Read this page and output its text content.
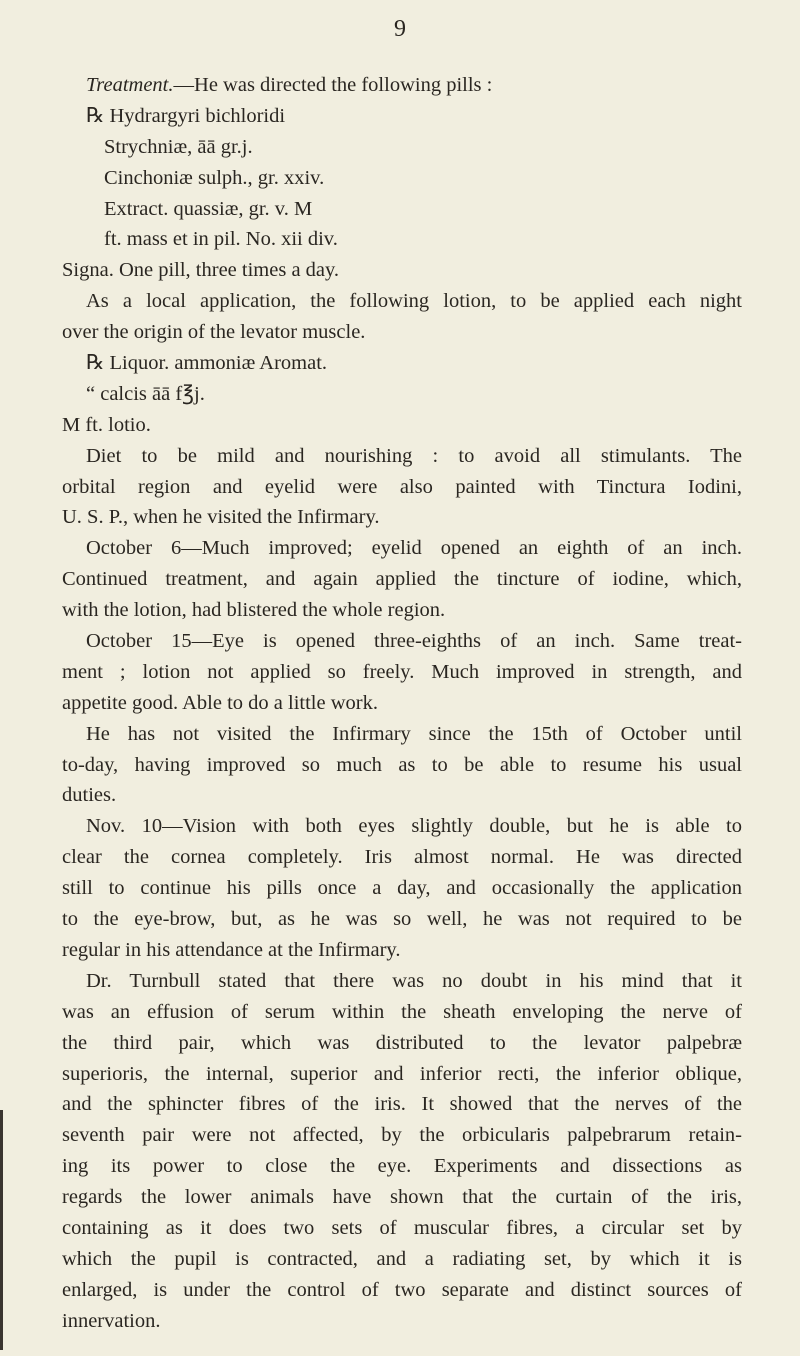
9
Treatment.—He was directed the following pills :
℞ Hydrargyri bichloridi
Strychniæ, āā gr.j.
Cinchoniæ sulph., gr. xxiv.
Extract. quassiæ, gr. v. M
ft. mass et in pil. No. xii div.
Signa. One pill, three times a day.
As a local application, the following lotion, to be applied each night
over the origin of the levator muscle.
℞ Liquor. ammoniæ Aromat.
“ calcis āā f℥j.
M ft. lotio.
Diet to be mild and nourishing : to avoid all stimulants. The
orbital region and eyelid were also painted with Tinctura Iodini,
U. S. P., when he visited the Infirmary.
October 6—Much improved; eyelid opened an eighth of an inch.
Continued treatment, and again applied the tincture of iodine, which,
with the lotion, had blistered the whole region.
October 15—Eye is opened three-eighths of an inch. Same treat-
ment ; lotion not applied so freely. Much improved in strength, and
appetite good. Able to do a little work.
He has not visited the Infirmary since the 15th of October until
to-day, having improved so much as to be able to resume his usual
duties.
Nov. 10—Vision with both eyes slightly double, but he is able to
clear the cornea completely. Iris almost normal. He was directed
still to continue his pills once a day, and occasionally the application
to the eye-brow, but, as he was so well, he was not required to be
regular in his attendance at the Infirmary.
Dr. Turnbull stated that there was no doubt in his mind that it
was an effusion of serum within the sheath enveloping the nerve of
the third pair, which was distributed to the levator palpebræ
superioris, the internal, superior and inferior recti, the inferior oblique,
and the sphincter fibres of the iris. It showed that the nerves of the
seventh pair were not affected, by the orbicularis palpebrarum retain-
ing its power to close the eye. Experiments and dissections as
regards the lower animals have shown that the curtain of the iris,
containing as it does two sets of muscular fibres, a circular set by
which the pupil is contracted, and a radiating set, by which it is
enlarged, is under the control of two separate and distinct sources of
innervation.
